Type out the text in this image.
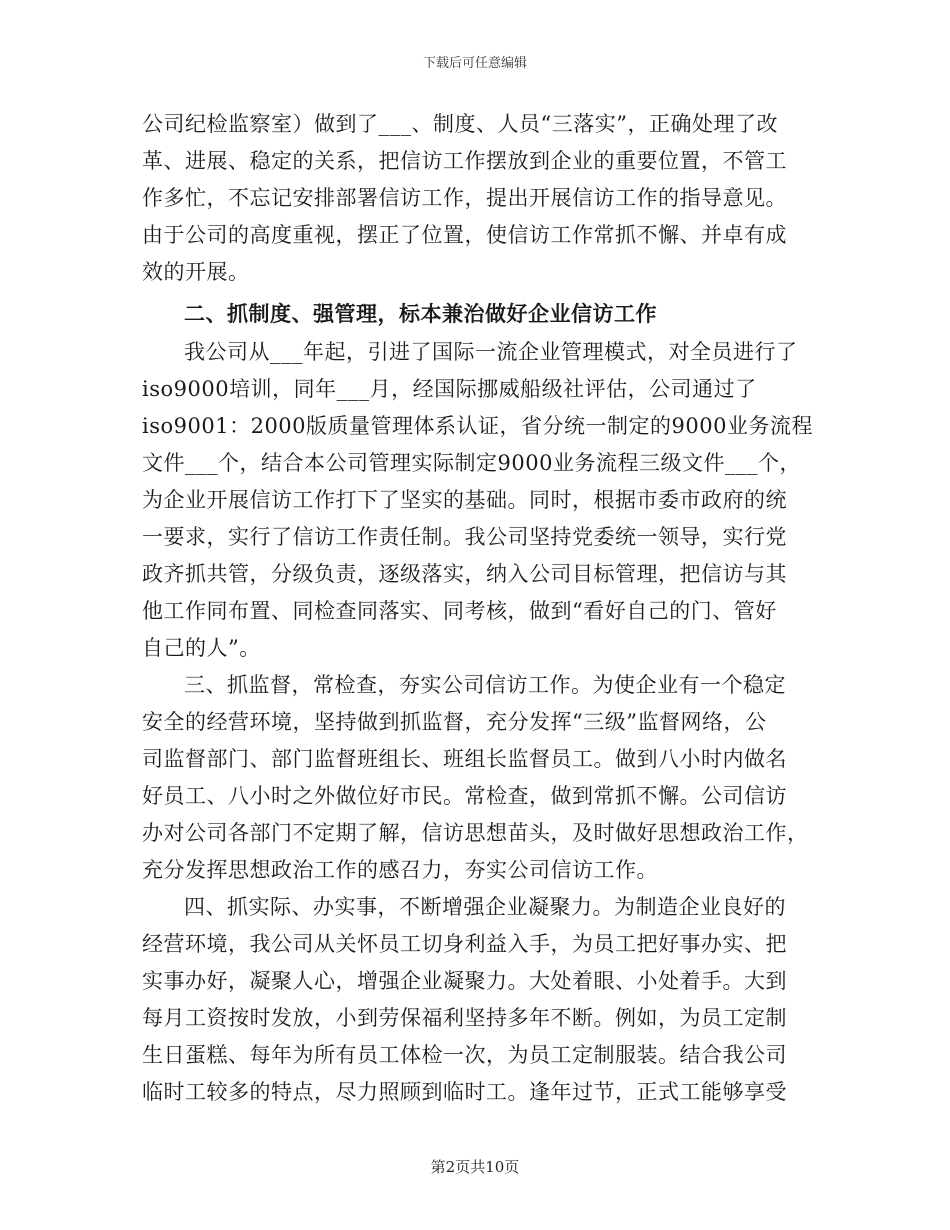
下载后可任意编辑
公司纪检监察室）做到了___、制度、人员“三落实”，正确处理了改
革、进展、稳定的关系，把信访工作摆放到企业的重要位置，不管工
作多忙，不忘记安排部署信访工作，提出开展信访工作的指导意见。
由于公司的高度重视，摆正了位置，使信访工作常抓不懈、并卓有成
效的开展。
二、抓制度、强管理，标本兼治做好企业信访工作
我公司从___年起，引进了国际一流企业管理模式，对全员进行了
iso9000培训，同年___月，经国际挪威船级社评估，公司通过了
iso9001：2000版质量管理体系认证，省分统一制定的9000业务流程
文件___个，结合本公司管理实际制定9000业务流程三级文件___个，
为企业开展信访工作打下了坚实的基础。同时，根据市委市政府的统
一要求，实行了信访工作责任制。我公司坚持党委统一领导，实行党
政齐抓共管，分级负责，逐级落实，纳入公司目标管理，把信访与其
他工作同布置、同检查同落实、同考核，做到“看好自己的门、管好
自己的人”。
三、抓监督，常检查，夯实公司信访工作。为使企业有一个稳定
安全的经营环境，坚持做到抓监督，充分发挥“三级”监督网络，公
司监督部门、部门监督班组长、班组长监督员工。做到八小时内做名
好员工、八小时之外做位好市民。常检查，做到常抓不懈。公司信访
办对公司各部门不定期了解，信访思想苗头，及时做好思想政治工作，
充分发挥思想政治工作的感召力，夯实公司信访工作。
四、抓实际、办实事，不断增强企业凝聚力。为制造企业良好的
经营环境，我公司从关怀员工切身利益入手，为员工把好事办实、把
实事办好，凝聚人心，增强企业凝聚力。大处着眼、小处着手。大到
每月工资按时发放，小到劳保福利坚持多年不断。例如，为员工定制
生日蛋糕、每年为所有员工体检一次，为员工定制服装。结合我公司
临时工较多的特点，尽力照顾到临时工。逢年过节，正式工能够享受
第2页共10页
